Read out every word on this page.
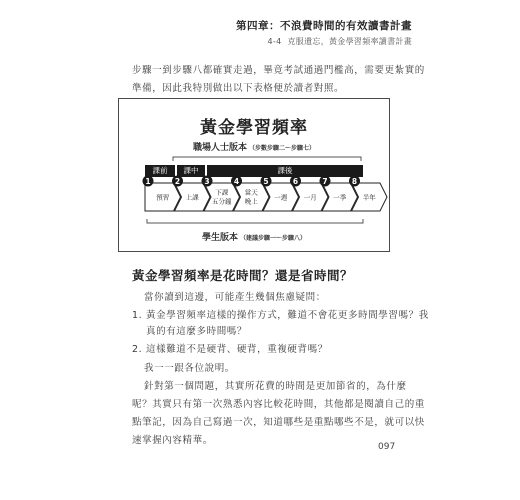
第四章：不浪費時間的有效讀書計畫
4-4 克服遺忘，黃金學習頻率讀書計畫
步驟一到步驟八都確實走過，畢竟考試通過門檻高，需要更紮實的
準備，因此我特別做出以下表格便於讀者對照。
黃金學習頻率
職場人士版本 （步數步驟二～步驟七）
1
預習
2
上課
3
下課
五分鐘
4
當天
晚上
5
一週
6
一月
7
一季
8
半年
課前	課中	課後
學生版本 （建議步驟一～步驟八）
黃金學習頻率是花時間？還是省時間？
當你讀到這邊，可能產生幾個焦慮疑問：
1. 黃金學習頻率這樣的操作方式，難道不會花更多時間學習嗎？我
真的有這麼多時間嗎？
2. 這樣難道不是硬背、硬背，重複硬背嗎？
我一一跟各位說明。
針對第一個問題，其實所花費的時間是更加節省的，為什麼
呢？其實只有第一次熟悉內容比較花時間，其他都是閱讀自己的重
點筆記，因為自己寫過一次，知道哪些是重點哪些不是，就可以快
速掌握內容精華。
097
